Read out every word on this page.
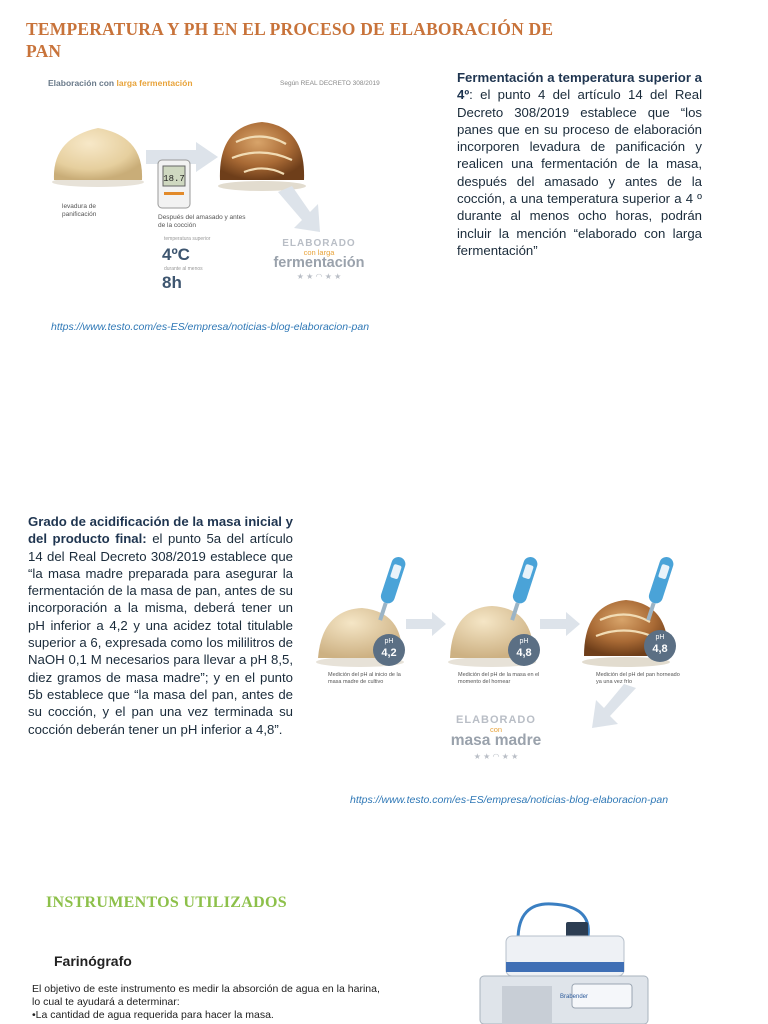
TEMPERATURA Y PH EN EL PROCESO DE ELABORACIÓN DE PAN
Elaboración con larga fermentación	Según REAL DECRETO 308/2019
levadura de panificación
18.7
Después del amasado y antes de la cocción
temperatura superior
4ºC
durante al menos
8h
ELABORADO
con larga
fermentación
★ ★ ◠ ★ ★
Fermentación a temperatura superior a 4º: el punto 4 del artículo 14 del Real Decreto 308/2019 establece que “los panes que en su proceso de elaboración incorporen levadura de panificación y realicen una fermentación de la masa, después del amasado y antes de la cocción, a una temperatura superior a 4 º durante al menos ocho horas, podrán incluir la mención “elaborado con larga fermentación”
https://www.testo.com/es-ES/empresa/noticias-blog-elaboracion-pan
Grado de acidificación de la masa inicial y del producto final: el punto 5a del artículo 14 del Real Decreto 308/2019 establece que “la masa madre preparada para asegurar la fermentación de la masa de pan, antes de su incorporación a la misma, deberá tener un pH inferior a 4,2 y una acidez total titulable superior a 6, expresada como los mililitros de NaOH 0,1 M necesarios para llevar a pH 8,5, diez gramos de masa madre”; y en el punto 5b establece que “la masa del pan, antes de su cocción, y el pan una vez terminada su cocción deberán tener un pH inferior a 4,8”.
pH
4,2
pH
4,8
pH
4,8
Medición del pH al inicio de la masa madre de cultivo
Medición del pH de la masa en el momento del hornear
Medición del pH del pan horneado ya una vez frío
ELABORADO
con
masa madre
★ ★ ◠ ★ ★
https://www.testo.com/es-ES/empresa/noticias-blog-elaboracion-pan
INSTRUMENTOS UTILIZADOS
Farinógrafo
El objetivo de este instrumento es medir la absorción de agua en la harina,
lo cual te ayudará a determinar:
•La cantidad de agua requerida para hacer la masa.
Brabender
